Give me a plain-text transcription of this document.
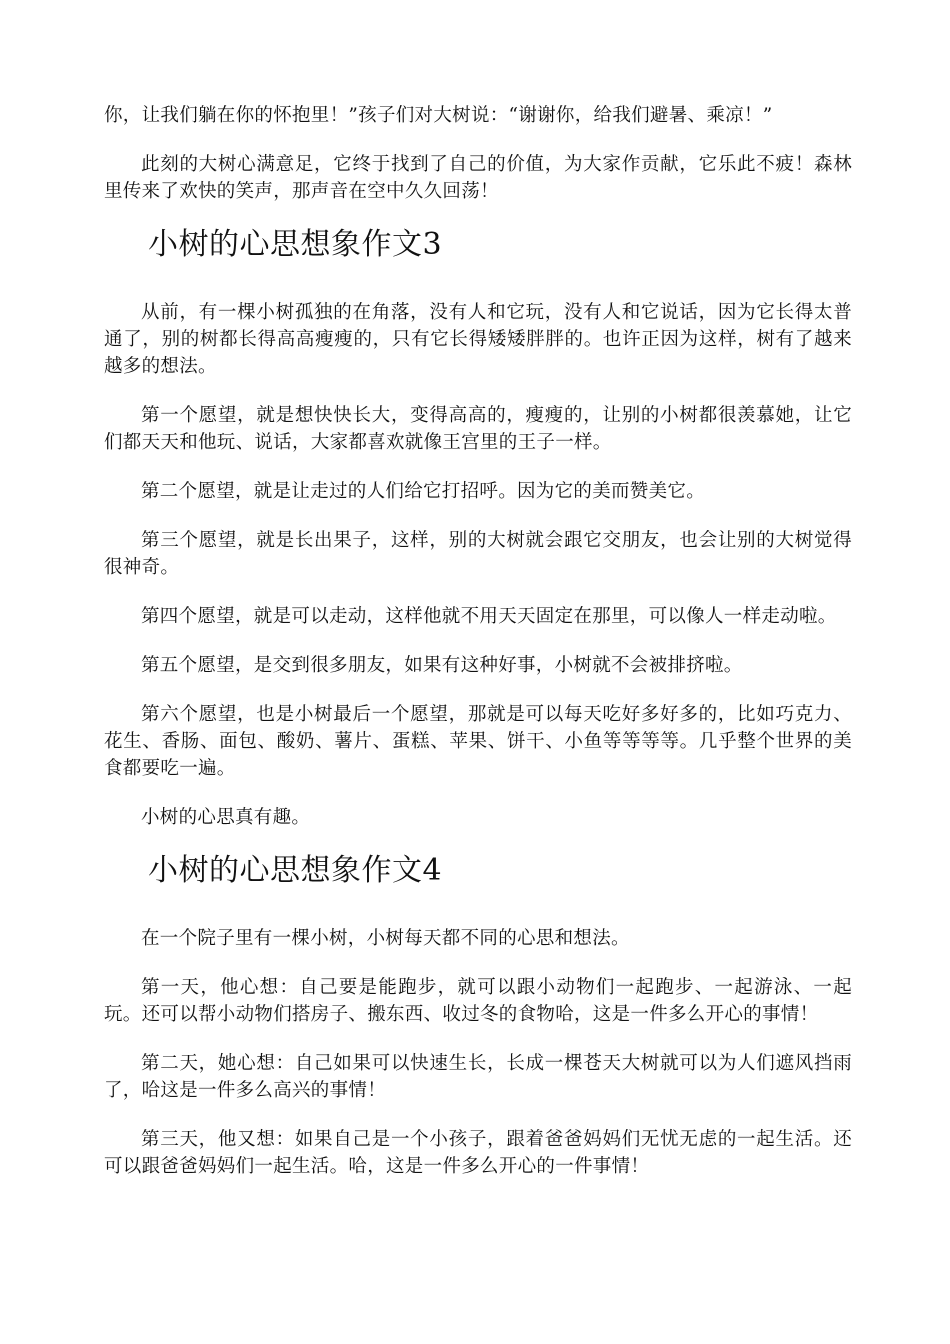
你，让我们躺在你的怀抱里！”孩子们对大树说：“谢谢你，给我们避暑、乘凉！”

此刻的大树心满意足，它终于找到了自己的价值，为大家作贡献，它乐此不疲！森林里传来了欢快的笑声，那声音在空中久久回荡！

小树的心思想象作文3

从前，有一棵小树孤独的在角落，没有人和它玩，没有人和它说话，因为它长得太普通了，别的树都长得高高瘦瘦的，只有它长得矮矮胖胖的。也许正因为这样，树有了越来越多的想法。

第一个愿望，就是想快快长大，变得高高的，瘦瘦的，让别的小树都很羡慕她，让它们都天天和他玩、说话，大家都喜欢就像王宫里的王子一样。

第二个愿望，就是让走过的人们给它打招呼。因为它的美而赞美它。

第三个愿望，就是长出果子，这样，别的大树就会跟它交朋友，也会让别的大树觉得很神奇。

第四个愿望，就是可以走动，这样他就不用天天固定在那里，可以像人一样走动啦。

第五个愿望，是交到很多朋友，如果有这种好事，小树就不会被排挤啦。

第六个愿望，也是小树最后一个愿望，那就是可以每天吃好多好多的，比如巧克力、花生、香肠、面包、酸奶、薯片、蛋糕、苹果、饼干、小鱼等等等等。几乎整个世界的美食都要吃一遍。

小树的心思真有趣。

小树的心思想象作文4

在一个院子里有一棵小树，小树每天都不同的心思和想法。

第一天，他心想：自己要是能跑步，就可以跟小动物们一起跑步、一起游泳、一起玩。还可以帮小动物们搭房子、搬东西、收过冬的食物哈，这是一件多么开心的事情！

第二天，她心想：自己如果可以快速生长，长成一棵苍天大树就可以为人们遮风挡雨了，哈这是一件多么高兴的事情！

第三天，他又想：如果自己是一个小孩子，跟着爸爸妈妈们无忧无虑的一起生活。还可以跟爸爸妈妈们一起生活。哈，这是一件多么开心的一件事情！
